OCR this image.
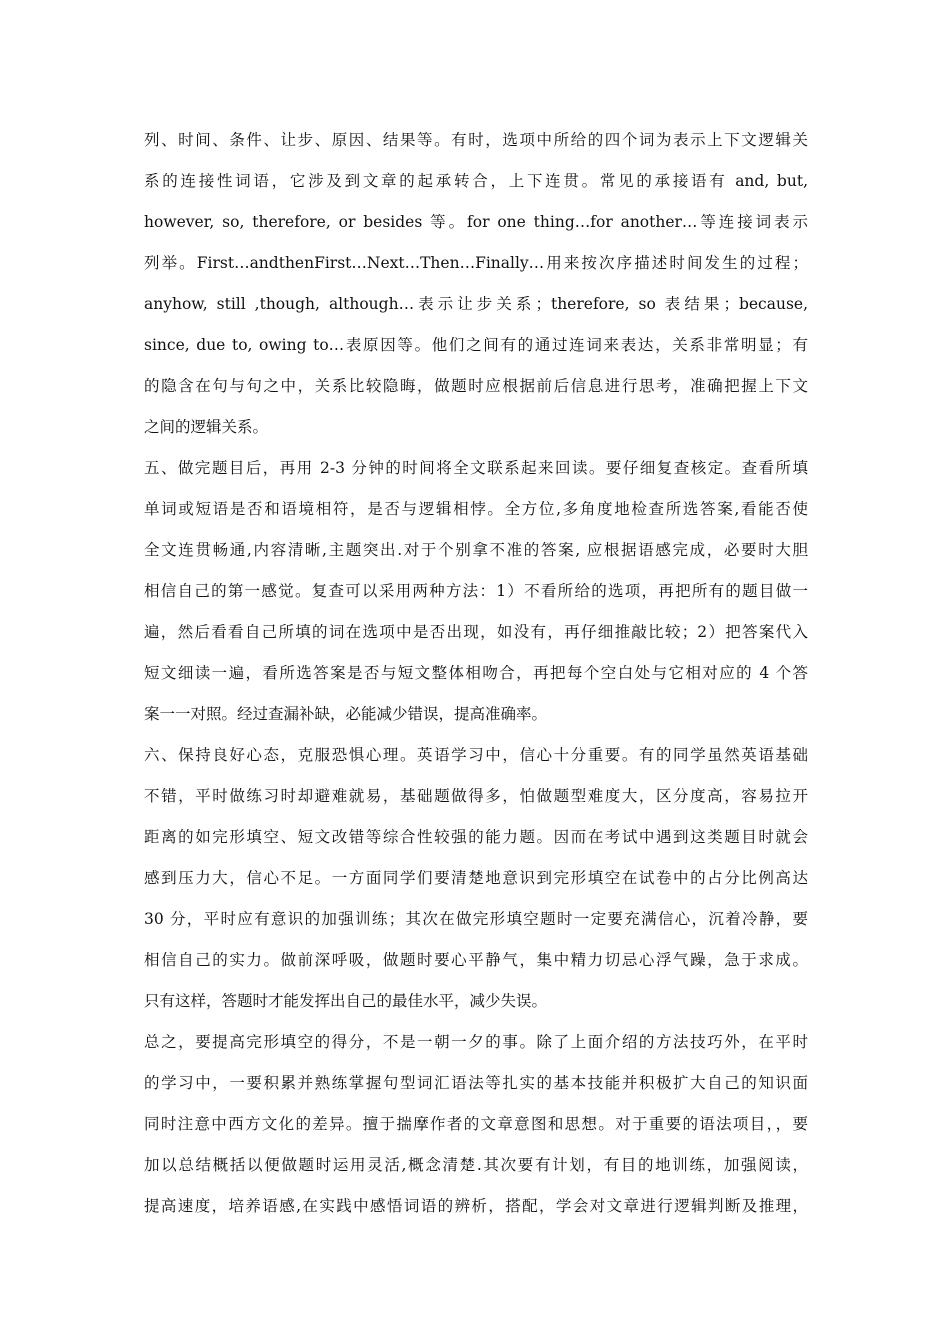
列、时间、条件、让步、原因、结果等。有时，选项中所给的四个词为表示上下文逻辑关
系的连接性词语，它涉及到文章的起承转合，上下连贯。常见的承接语有 and, but,
however, so, therefore, or besides 等。for one thing…for another…等连接词表示
列举。First…andthenFirst…Next…Then…Finally…用来按次序描述时间发生的过程；
anyhow, still ,though, although…表示让步关系；therefore, so 表结果；because,
since, due to, owing to…表原因等。他们之间有的通过连词来表达，关系非常明显；有
的隐含在句与句之中，关系比较隐晦，做题时应根据前后信息进行思考，准确把握上下文
之间的逻辑关系。
五、做完题目后，再用 2-3 分钟的时间将全文联系起来回读。要仔细复查核定。查看所填
单词或短语是否和语境相符，是否与逻辑相悖。全方位,多角度地检查所选答案,看能否使
全文连贯畅通,内容清晰,主题突出.对于个别拿不准的答案, 应根据语感完成，必要时大胆
相信自己的第一感觉。复查可以采用两种方法：1）不看所给的选项，再把所有的题目做一
遍，然后看看自己所填的词在选项中是否出现，如没有，再仔细推敲比较；2）把答案代入
短文细读一遍，看所选答案是否与短文整体相吻合，再把每个空白处与它相对应的 4 个答
案一一对照。经过查漏补缺，必能减少错误，提高准确率。
六、保持良好心态，克服恐惧心理。英语学习中，信心十分重要。有的同学虽然英语基础
不错，平时做练习时却避难就易，基础题做得多，怕做题型难度大，区分度高，容易拉开
距离的如完形填空、短文改错等综合性较强的能力题。因而在考试中遇到这类题目时就会
感到压力大，信心不足。一方面同学们要清楚地意识到完形填空在试卷中的占分比例高达
30 分，平时应有意识的加强训练；其次在做完形填空题时一定要充满信心，沉着冷静，要
相信自己的实力。做前深呼吸，做题时要心平静气，集中精力切忌心浮气躁，急于求成。
只有这样，答题时才能发挥出自己的最佳水平，减少失误。
总之，要提高完形填空的得分，不是一朝一夕的事。除了上面介绍的方法技巧外，在平时
的学习中，一要积累并熟练掌握句型词汇语法等扎实的基本技能并积极扩大自己的知识面
同时注意中西方文化的差异。擅于揣摩作者的文章意图和思想。对于重要的语法项目，，要
加以总结概括以便做题时运用灵活,概念清楚.其次要有计划，有目的地训练，加强阅读，
提高速度，培养语感,在实践中感悟词语的辨析，搭配，学会对文章进行逻辑判断及推理，
